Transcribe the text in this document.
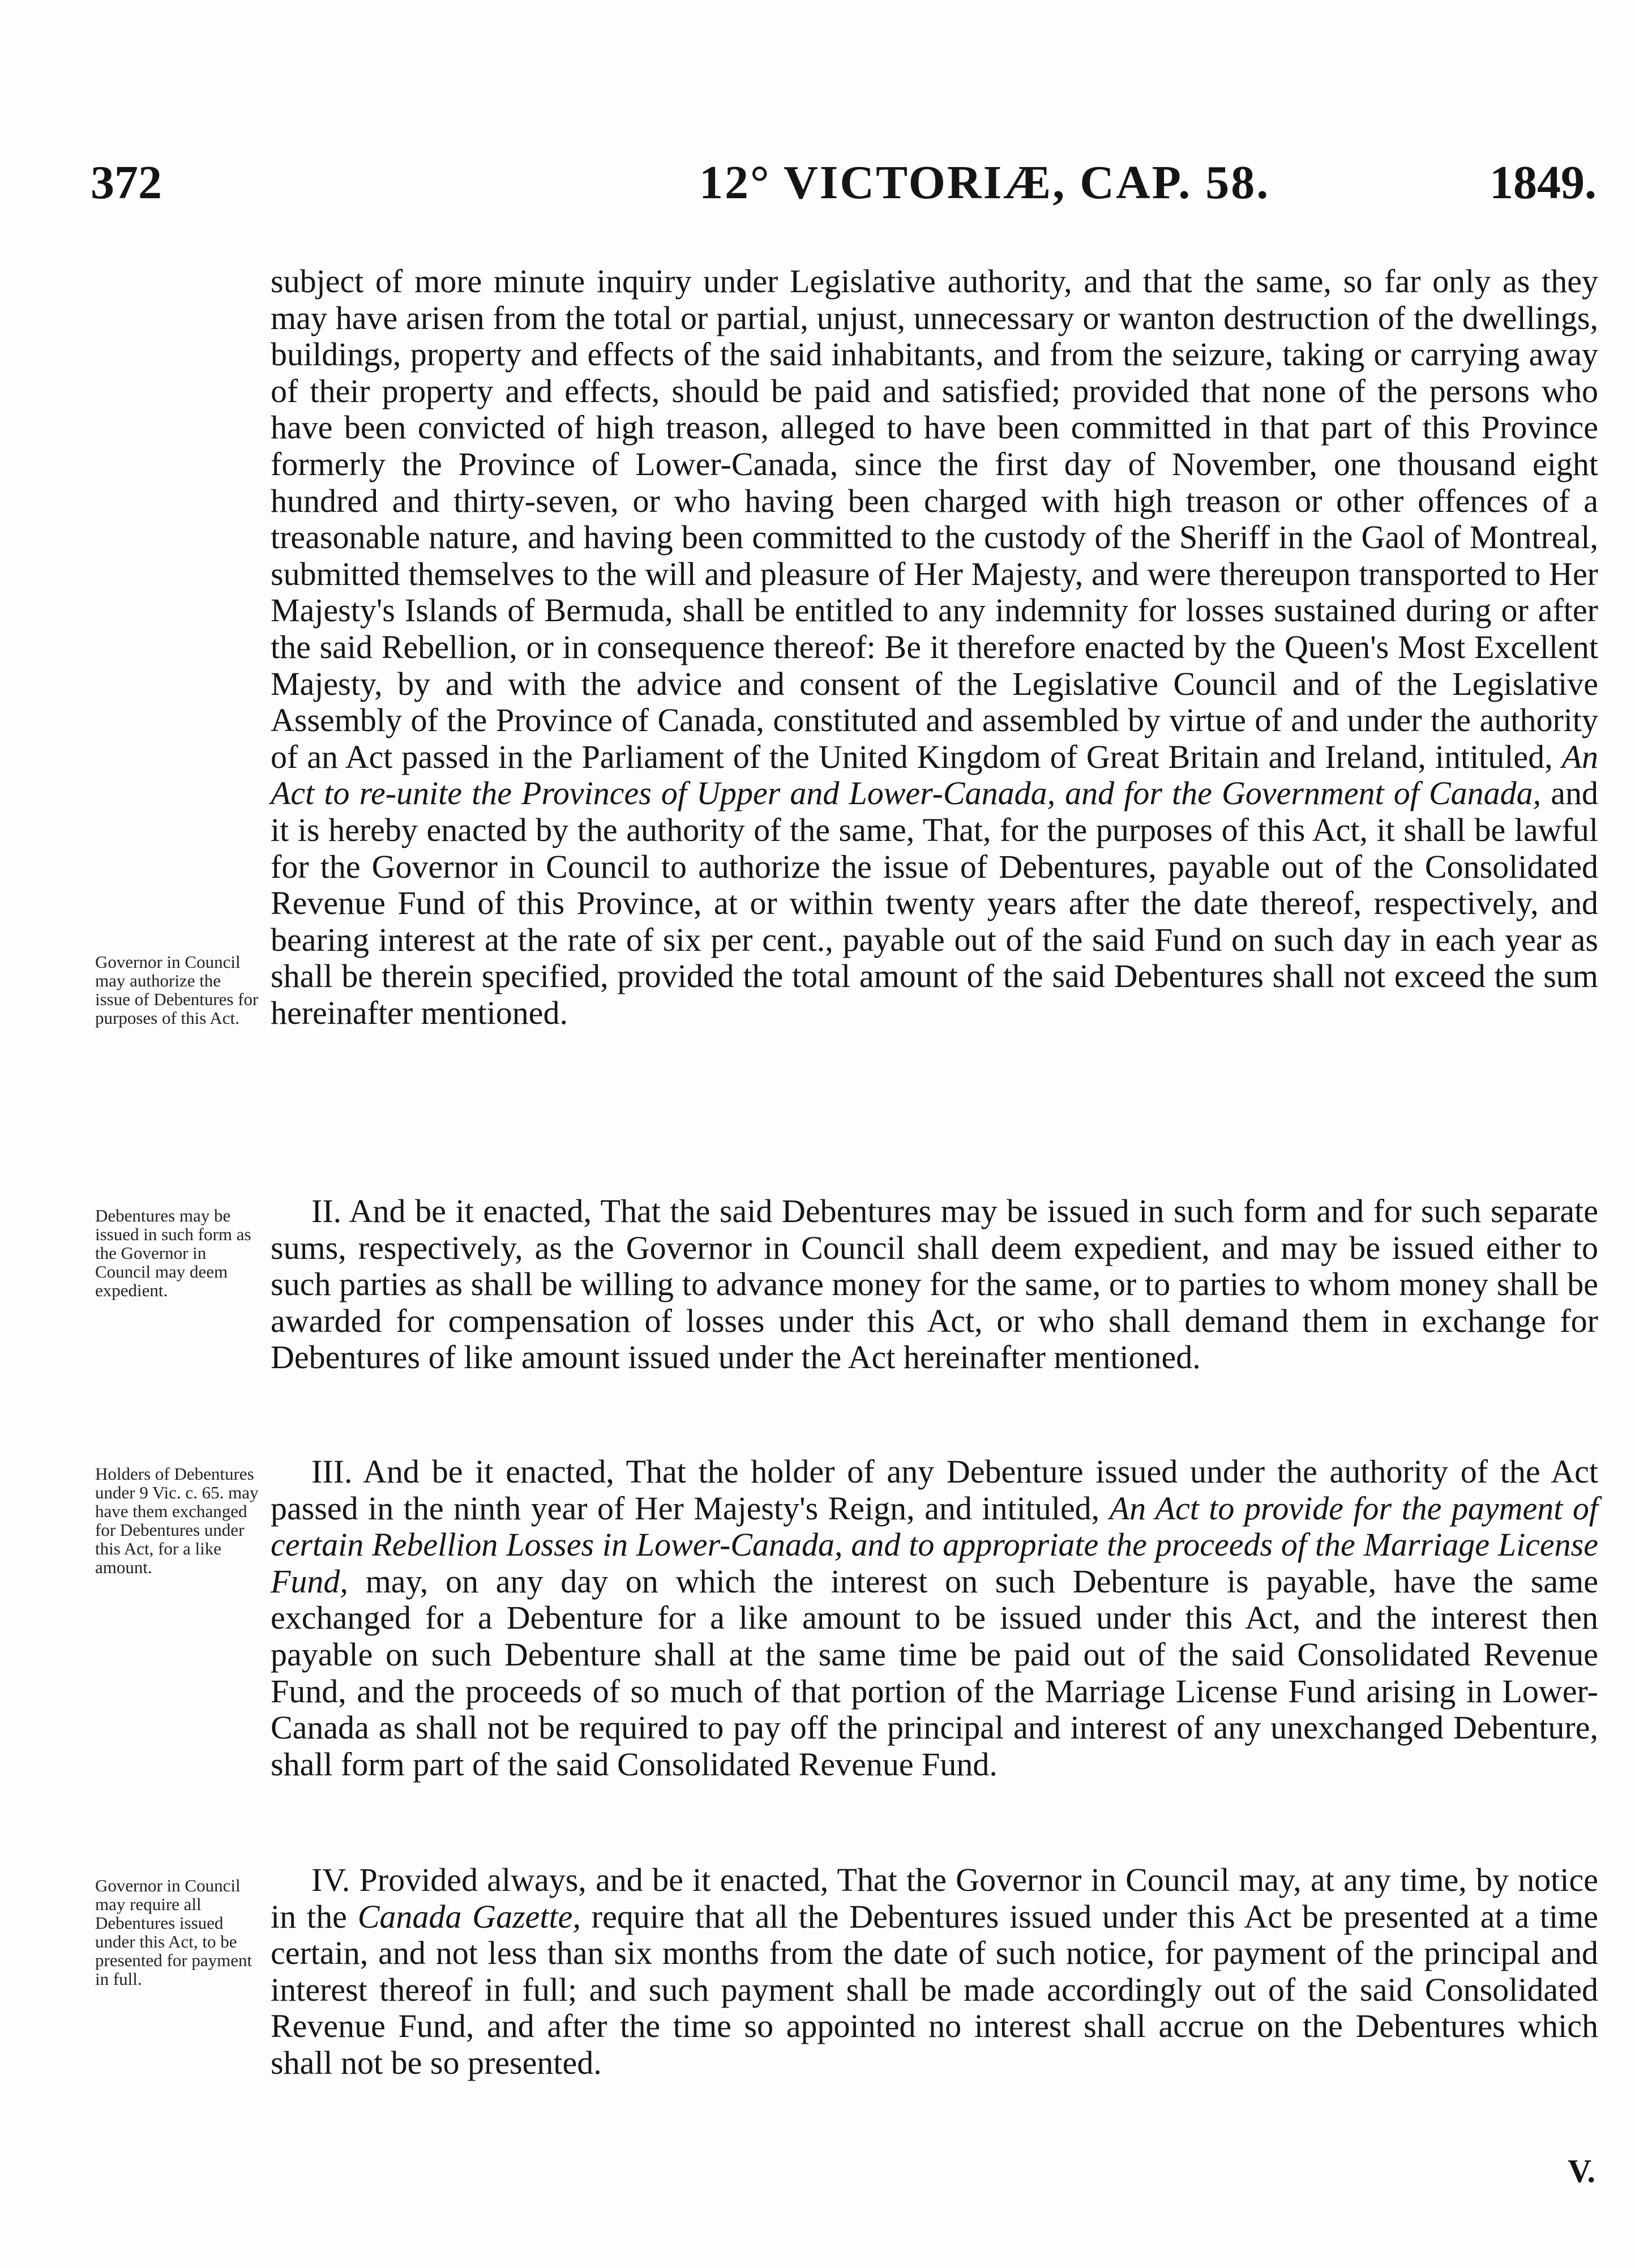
372	12° VICTORIÆ, CAP. 58.	1849.

subject of more minute inquiry under Legislative authority, and that the same, so far only as they may have arisen from the total or partial, unjust, unnecessary or wanton destruction of the dwellings, buildings, property and effects of the said inhabitants, and from the seizure, taking or carrying away of their property and effects, should be paid and satisfied; provided that none of the persons who have been convicted of high treason, alleged to have been committed in that part of this Province formerly the Province of Lower-Canada, since the first day of November, one thousand eight hundred and thirty-seven, or who having been charged with high treason or other offences of a treasonable nature, and having been committed to the custody of the Sheriff in the Gaol of Montreal, submitted themselves to the will and pleasure of Her Majesty, and were thereupon transported to Her Majesty's Islands of Bermuda, shall be entitled to any indemnity for losses sustained during or after the said Rebellion, or in consequence thereof: Be it therefore enacted by the Queen's Most Excellent Majesty, by and with the advice and consent of the Legislative Council and of the Legislative Assembly of the Province of Canada, constituted and assembled by virtue of and under the authority of an Act passed in the Parliament of the United Kingdom of Great Britain and Ireland, intituled, An Act to re-unite the Provinces of Upper and Lower-Canada, and for the Government of Canada, and it is hereby enacted by the authority of the same, That, for the purposes of this Act, it shall be lawful for the Governor in Council to authorize the issue of Debentures, payable out of the Consolidated Revenue Fund of this Province, at or within twenty years after the date thereof, respectively, and bearing interest at the rate of six per cent., payable out of the said Fund on such day in each year as shall be therein specified, provided the total amount of the said Debentures shall not exceed the sum hereinafter mentioned.

Governor in Council may authorize the issue of Debentures for purposes of this Act.

II. And be it enacted, That the said Debentures may be issued in such form and for such separate sums, respectively, as the Governor in Council shall deem expedient, and may be issued either to such parties as shall be willing to advance money for the same, or to parties to whom money shall be awarded for compensation of losses under this Act, or who shall demand them in exchange for Debentures of like amount issued under the Act hereinafter mentioned.

Debentures may be issued in such form as the Governor in Council may deem expedient.

III. And be it enacted, That the holder of any Debenture issued under the authority of the Act passed in the ninth year of Her Majesty's Reign, and intituled, An Act to provide for the payment of certain Rebellion Losses in Lower-Canada, and to appropriate the proceeds of the Marriage License Fund, may, on any day on which the interest on such Debenture is payable, have the same exchanged for a Debenture for a like amount to be issued under this Act, and the interest then payable on such Debenture shall at the same time be paid out of the said Consolidated Revenue Fund, and the proceeds of so much of that portion of the Marriage License Fund arising in Lower-Canada as shall not be required to pay off the principal and interest of any unexchanged Debenture, shall form part of the said Consolidated Revenue Fund.

Holders of Debentures under 9 Vic. c. 65. may have them exchanged for Debentures under this Act, for a like amount.

IV. Provided always, and be it enacted, That the Governor in Council may, at any time, by notice in the Canada Gazette, require that all the Debentures issued under this Act be presented at a time certain, and not less than six months from the date of such notice, for payment of the principal and interest thereof in full; and such payment shall be made accordingly out of the said Consolidated Revenue Fund, and after the time so appointed no interest shall accrue on the Debentures which shall not be so presented.

Governor in Council may require all Debentures issued under this Act, to be presented for payment in full.
V.
